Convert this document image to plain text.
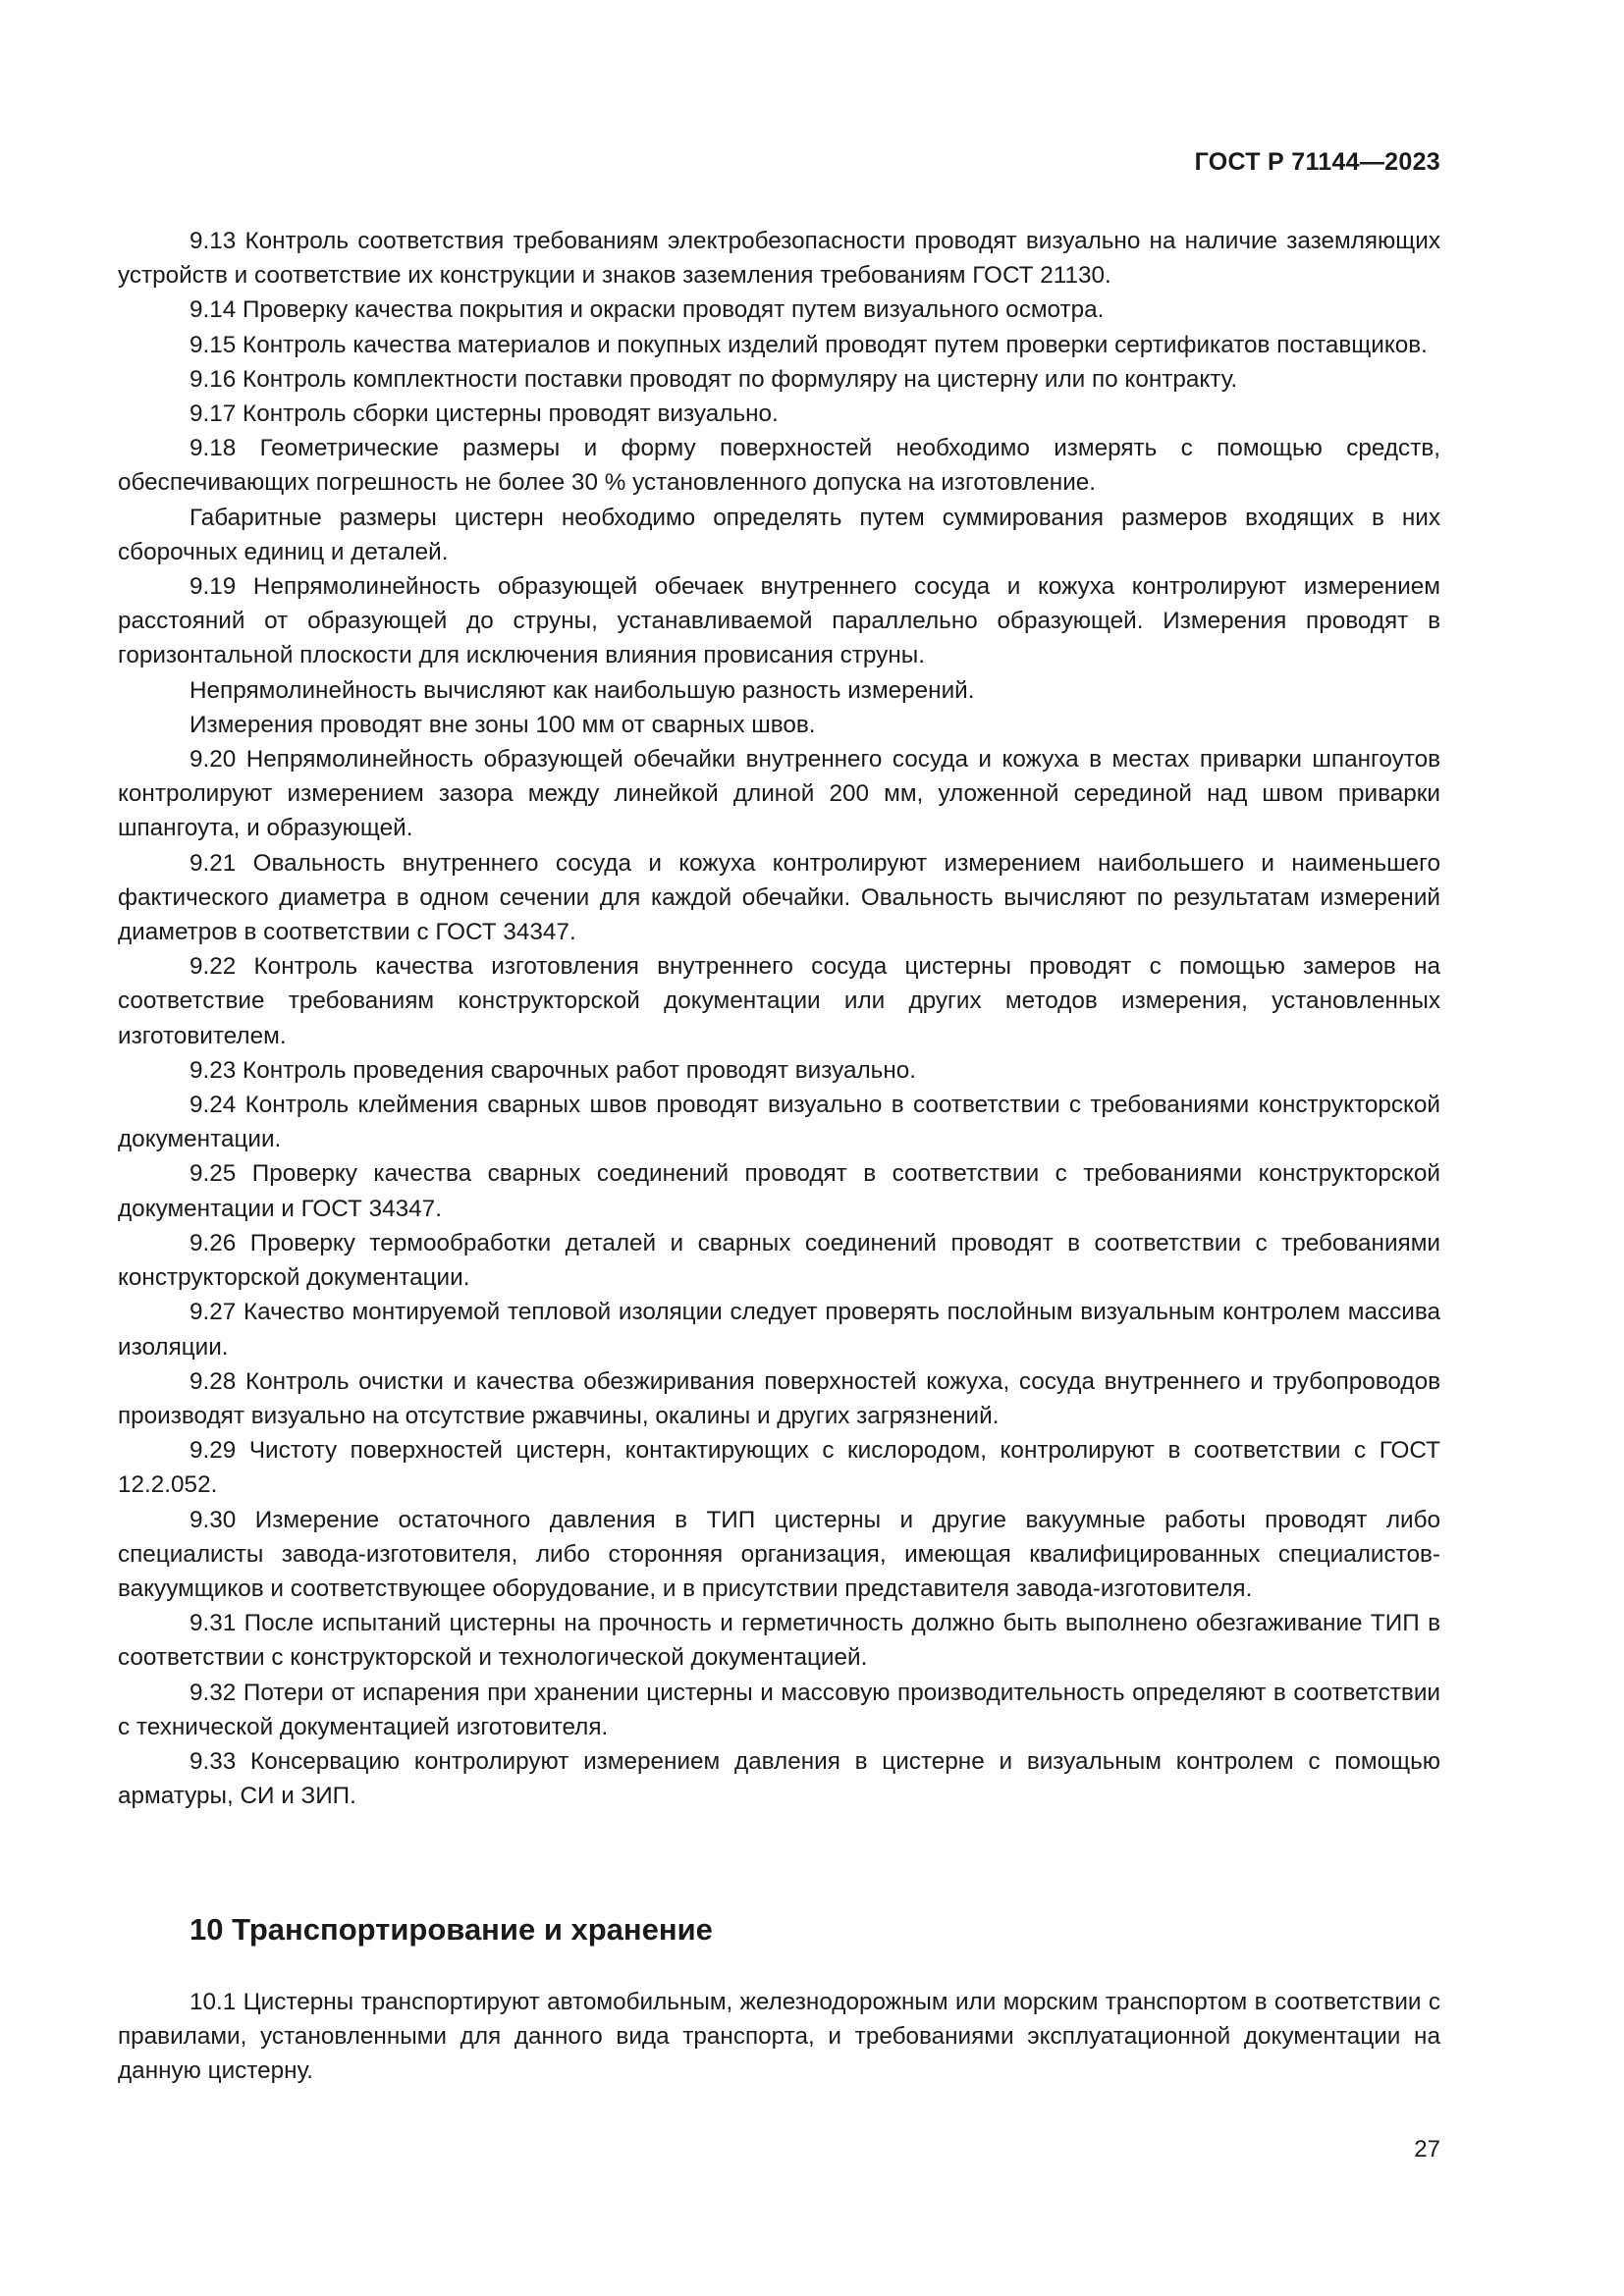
ГОСТ Р 71144—2023

9.13 Контроль соответствия требованиям электробезопасности проводят визуально на наличие заземляющих устройств и соответствие их конструкции и знаков заземления требованиям ГОСТ 21130.

9.14 Проверку качества покрытия и окраски проводят путем визуального осмотра.

9.15 Контроль качества материалов и покупных изделий проводят путем проверки сертификатов поставщиков.

9.16 Контроль комплектности поставки проводят по формуляру на цистерну или по контракту.

9.17 Контроль сборки цистерны проводят визуально.

9.18 Геометрические размеры и форму поверхностей необходимо измерять с помощью средств, обеспечивающих погрешность не более 30 % установленного допуска на изготовление.

Габаритные размеры цистерн необходимо определять путем суммирования размеров входящих в них сборочных единиц и деталей.

9.19 Непрямолинейность образующей обечаек внутреннего сосуда и кожуха контролируют измерением расстояний от образующей до струны, устанавливаемой параллельно образующей. Измерения проводят в горизонтальной плоскости для исключения влияния провисания струны.

Непрямолинейность вычисляют как наибольшую разность измерений.

Измерения проводят вне зоны 100 мм от сварных швов.

9.20 Непрямолинейность образующей обечайки внутреннего сосуда и кожуха в местах приварки шпангоутов контролируют измерением зазора между линейкой длиной 200 мм, уложенной серединой над швом приварки шпангоута, и образующей.

9.21 Овальность внутреннего сосуда и кожуха контролируют измерением наибольшего и наименьшего фактического диаметра в одном сечении для каждой обечайки. Овальность вычисляют по результатам измерений диаметров в соответствии с ГОСТ 34347.

9.22 Контроль качества изготовления внутреннего сосуда цистерны проводят с помощью замеров на соответствие требованиям конструкторской документации или других методов измерения, установленных изготовителем.

9.23 Контроль проведения сварочных работ проводят визуально.

9.24 Контроль клеймения сварных швов проводят визуально в соответствии с требованиями конструкторской документации.

9.25 Проверку качества сварных соединений проводят в соответствии с требованиями конструкторской документации и ГОСТ 34347.

9.26 Проверку термообработки деталей и сварных соединений проводят в соответствии с требованиями конструкторской документации.

9.27 Качество монтируемой тепловой изоляции следует проверять послойным визуальным контролем массива изоляции.

9.28 Контроль очистки и качества обезжиривания поверхностей кожуха, сосуда внутреннего и трубопроводов производят визуально на отсутствие ржавчины, окалины и других загрязнений.

9.29 Чистоту поверхностей цистерн, контактирующих с кислородом, контролируют в соответствии с ГОСТ 12.2.052.

9.30 Измерение остаточного давления в ТИП цистерны и другие вакуумные работы проводят либо специалисты завода-изготовителя, либо сторонняя организация, имеющая квалифицированных специалистов-вакуумщиков и соответствующее оборудование, и в присутствии представителя завода-изготовителя.

9.31 После испытаний цистерны на прочность и герметичность должно быть выполнено обезгаживание ТИП в соответствии с конструкторской и технологической документацией.

9.32 Потери от испарения при хранении цистерны и массовую производительность определяют в соответствии с технической документацией изготовителя.

9.33 Консервацию контролируют измерением давления в цистерне и визуальным контролем с помощью арматуры, СИ и ЗИП.

10 Транспортирование и хранение

10.1 Цистерны транспортируют автомобильным, железнодорожным или морским транспортом в соответствии с правилами, установленными для данного вида транспорта, и требованиями эксплуатационной документации на данную цистерну.

27
